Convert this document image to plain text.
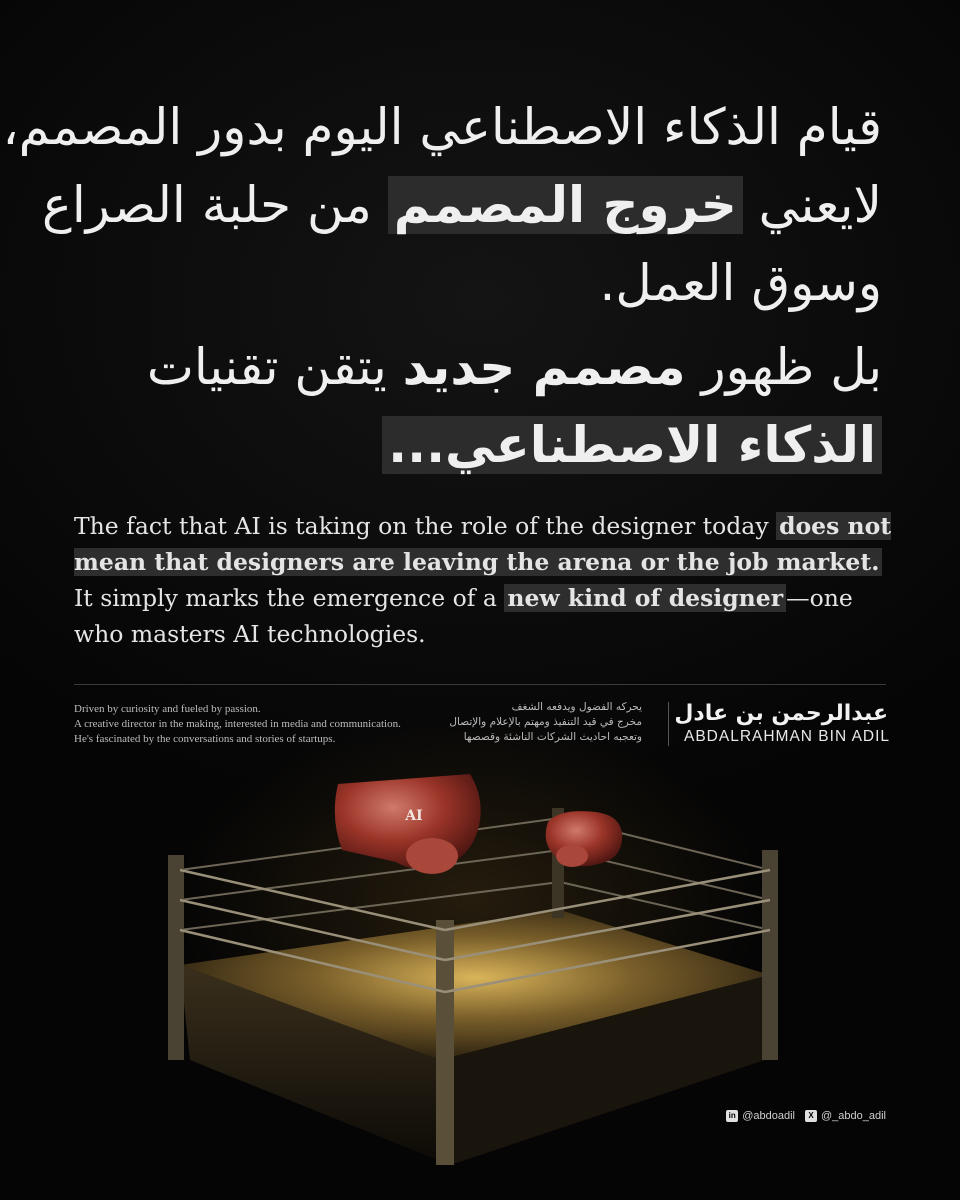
قيام الذكاء الاصطناعي اليوم بدور المصمم،
لايعني خروج المصمم من حلبة الصراع
وسوق العمل.
بل ظهور مصمم جديد يتقن تقنيات
الذكاء الاصطناعي...
The fact that AI is taking on the role of the designer today does not mean that designers are leaving the arena or the job market. It simply marks the emergence of a new kind of designer —one who masters AI technologies.
Driven by curiosity and fueled by passion.
A creative director in the making, interested in media and communication.
He's fascinated by the conversations and stories of startups.
يحركه الفضول ويدفعه الشغف
مخرج في قيد التنفيذ ومهتم بالإعلام والإتصال
وتعجبه احاديث الشركات الناشئة وقصصها
عبدالرحمن بن عادل
ABDALRAHMAN BIN ADIL
AI
in @abdoadil	X @_abdo_adil
